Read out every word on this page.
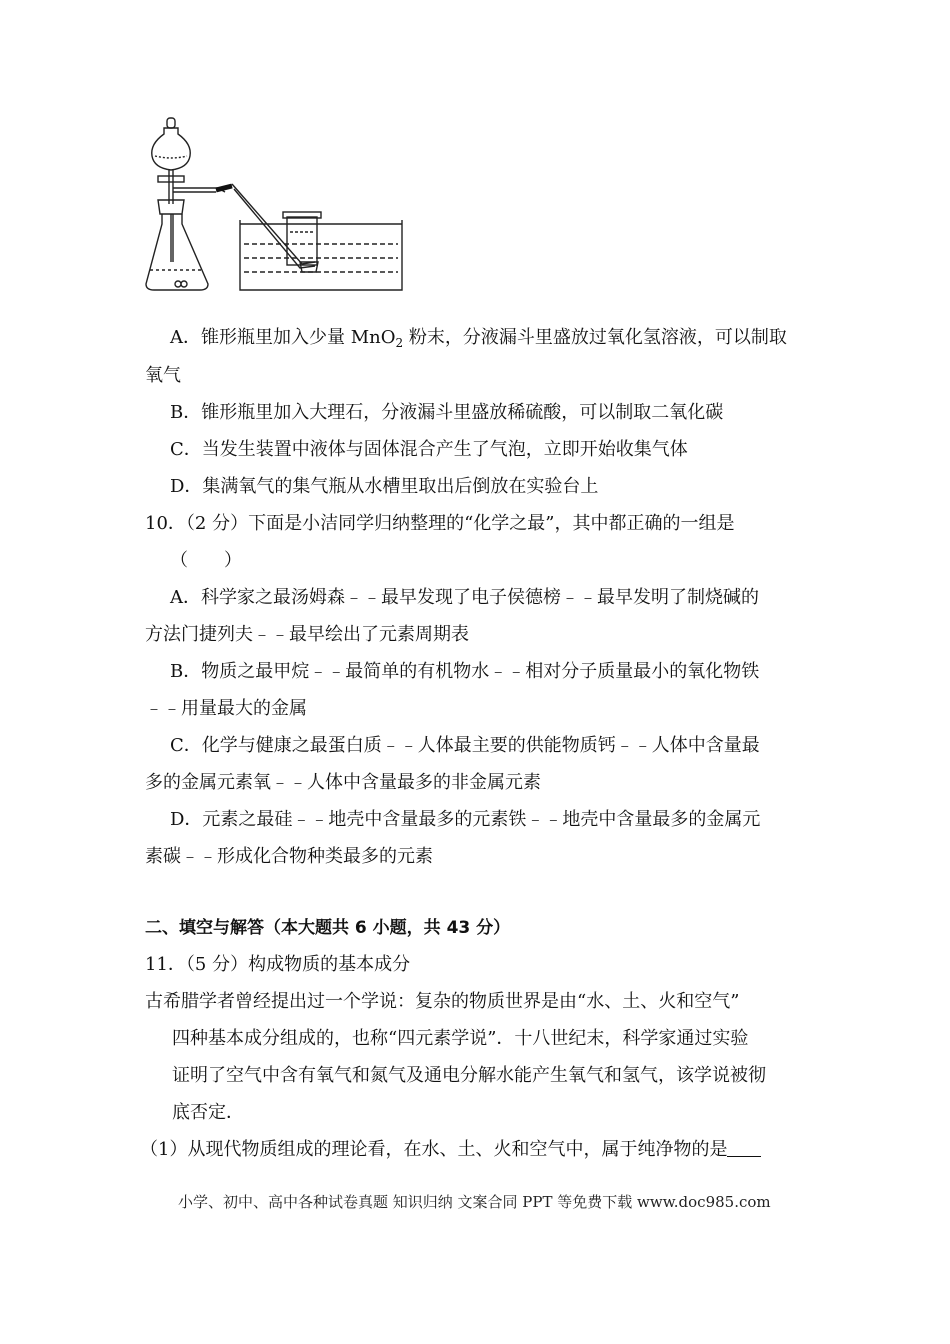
A．锥形瓶里加入少量 MnO$_2$ 粉末，分液漏斗里盛放过氧化氢溶液，可以制取
氧气
B．锥形瓶里加入大理石，分液漏斗里盛放稀硫酸，可以制取二氧化碳
C．当发生装置中液体与固体混合产生了气泡，立即开始收集气体
D．集满氧气的集气瓶从水槽里取出后倒放在实验台上
10．（2 分）下面是小洁同学归纳整理的“化学之最”，其中都正确的一组是
（　　）
A．科学家之最汤姆森﹣﹣最早发现了电子侯德榜﹣﹣最早发明了制烧碱的
方法门捷列夫﹣﹣最早绘出了元素周期表
B．物质之最甲烷﹣﹣最简单的有机物水﹣﹣相对分子质量最小的氧化物铁
﹣﹣用量最大的金属
C．化学与健康之最蛋白质﹣﹣人体最主要的供能物质钙﹣﹣人体中含量最
多的金属元素氧﹣﹣人体中含量最多的非金属元素
D．元素之最硅﹣﹣地壳中含量最多的元素铁﹣﹣地壳中含量最多的金属元
素碳﹣﹣形成化合物种类最多的元素
二、填空与解答（本大题共 6 小题，共 43 分）
11．（5 分）构成物质的基本成分
古希腊学者曾经提出过一个学说：复杂的物质世界是由“水、土、火和空气”
四种基本成分组成的，也称“四元素学说”．十八世纪末，科学家通过实验
证明了空气中含有氧气和氮气及通电分解水能产生氧气和氢气，该学说被彻
底否定．
（1）从现代物质组成的理论看，在水、土、火和空气中，属于纯净物的是
小学、初中、高中各种试卷真题 知识归纳 文案合同 PPT 等免费下载 www.doc985.com
